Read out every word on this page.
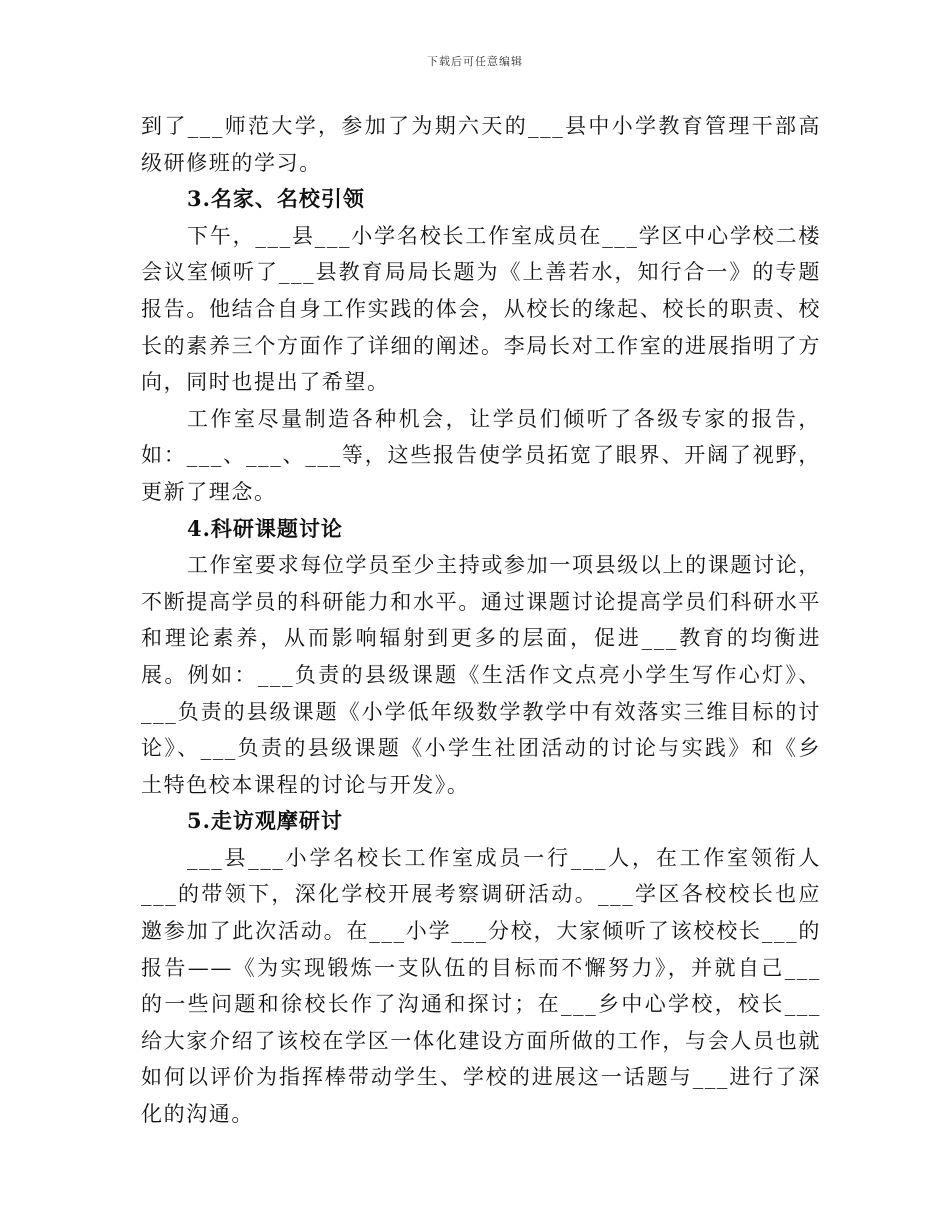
下载后可任意编辑

到了___师范大学，参加了为期六天的___县中小学教育管理干部高级研修班的学习。

3.名家、名校引领

下午，___县___小学名校长工作室成员在___学区中心学校二楼会议室倾听了___县教育局局长题为《上善若水，知行合一》的专题报告。他结合自身工作实践的体会，从校长的缘起、校长的职责、校长的素养三个方面作了详细的阐述。李局长对工作室的进展指明了方向，同时也提出了希望。

工作室尽量制造各种机会，让学员们倾听了各级专家的报告，如：___、___、___等，这些报告使学员拓宽了眼界、开阔了视野，更新了理念。

4.科研课题讨论

工作室要求每位学员至少主持或参加一项县级以上的课题讨论，不断提高学员的科研能力和水平。通过课题讨论提高学员们科研水平和理论素养，从而影响辐射到更多的层面，促进___教育的均衡进展。例如：___负责的县级课题《生活作文点亮小学生写作心灯》、___负责的县级课题《小学低年级数学教学中有效落实三维目标的讨论》、___负责的县级课题《小学生社团活动的讨论与实践》和《乡土特色校本课程的讨论与开发》。

5.走访观摩研讨

___县___小学名校长工作室成员一行___人，在工作室领衔人___的带领下，深化学校开展考察调研活动。___学区各校校长也应邀参加了此次活动。在___小学___分校，大家倾听了该校校长___的报告——《为实现锻炼一支队伍的目标而不懈努力》，并就自己___的一些问题和徐校长作了沟通和探讨；在___乡中心学校，校长___给大家介绍了该校在学区一体化建设方面所做的工作，与会人员也就如何以评价为指挥棒带动学生、学校的进展这一话题与___进行了深化的沟通。
